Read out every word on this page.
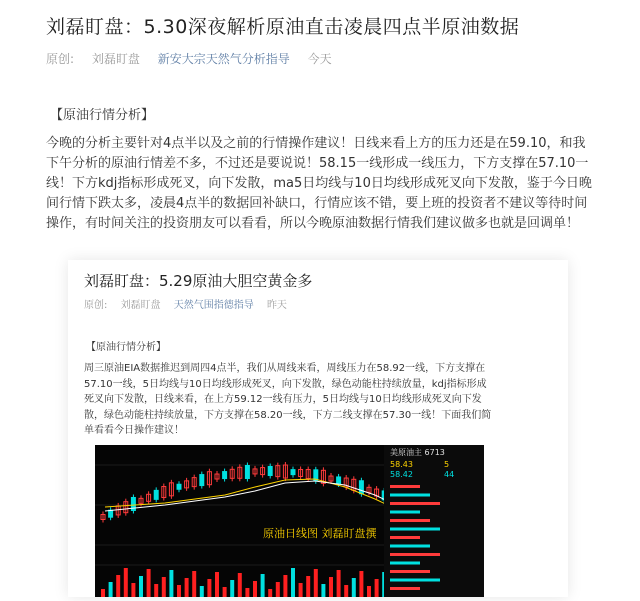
刘磊盯盘：5.30深夜解析原油直击凌晨四点半原油数据
原创: 刘磊盯盘 新安大宗天然气分析指导 今天
【原油行情分析】
今晚的分析主要针对4点半以及之前的行情操作建议！日线来看上方的压力还是在59.10，和我下午分析的原油行情差不多，不过还是要说说！58.15一线形成一线压力，下方支撑在57.10一线！下方kdj指标形成死叉，向下发散，ma5日均线与10日均线形成死叉向下发散，鉴于今日晚间行情下跌太多，凌晨4点半的数据回补缺口，行情应该不错，要上班的投资者不建议等待时间操作，有时间关注的投资朋友可以看看，所以今晚原油数据行情我们建议做多也就是回调单！
刘磊盯盘：5.29原油大胆空黄金多
原创: 刘磊盯盘 天然气围指德指导 昨天
【原油行情分析】
周三原油EIA数据推迟到周四4点半，我们从周线来看，周线压力在58.92一线，下方支撑在57.10一线，5日均线与10日均线形成死叉，向下发散，绿色动能柱持续放量，kdj指标形成死叉向下发散，日线来看，在上方59.12一线有压力，5日均线与10日均线形成死叉向下发散，绿色动能柱持续放量，下方支撑在58.20一线，下方二线支撑在57.30一线！下面我们简单看看今日操作建议！
原油日线图 刘磊盯盘撰
美原油主 6713
58.43	5
58.42	44
